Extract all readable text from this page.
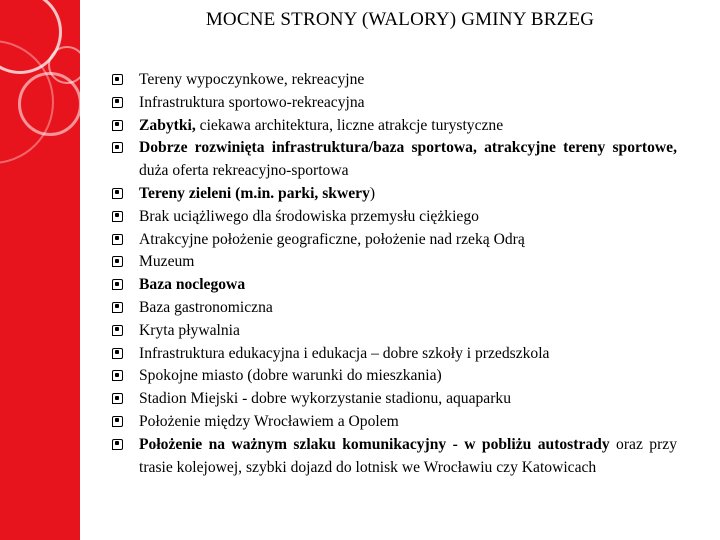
MOCNE STRONY (WALORY) GMINY BRZEG
Tereny wypoczynkowe, rekreacyjne
Infrastruktura sportowo-rekreacyjna
Zabytki, ciekawa architektura, liczne atrakcje turystyczne
Dobrze rozwinięta infrastruktura/baza sportowa, atrakcyjne tereny sportowe, duża oferta rekreacyjno-sportowa
Tereny zieleni (m.in. parki, skwery)
Brak uciążliwego dla środowiska przemysłu ciężkiego
Atrakcyjne położenie geograficzne, położenie nad rzeką Odrą
Muzeum
Baza noclegowa
Baza gastronomiczna
Kryta pływalnia
Infrastruktura edukacyjna i edukacja – dobre szkoły i przedszkola
Spokojne miasto (dobre warunki do mieszkania)
Stadion Miejski - dobre wykorzystanie stadionu, aquaparku
Położenie między Wrocławiem a Opolem
Położenie na ważnym szlaku komunikacyjny - w pobliżu autostrady oraz przy trasie kolejowej, szybki dojazd do lotnisk we Wrocławiu czy Katowicach
